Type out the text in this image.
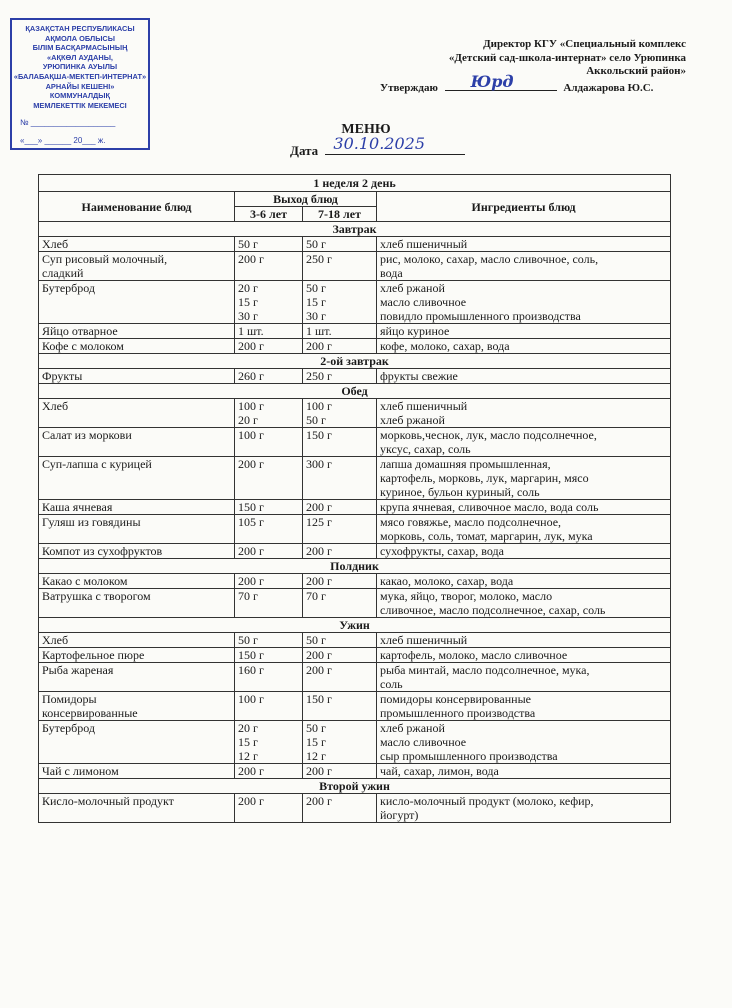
ҚАЗАҚСТАН РЕСПУБЛИКАСЫ
АҚМОЛА ОБЛЫСЫ
БІЛІМ БАСҚАРМАСЫНЫҢ
«АҚКӨЛ АУДАНЫ,
УРЮПИНКА АУЫЛЫ
«БАЛАБАҚША-МЕКТЕП-ИНТЕРНАТ»
АРНАЙЫ КЕШЕНІ»
КОММУНАЛДЫҚ
МЕМЛЕКЕТТІК МЕКЕМЕСІ
№ ___________________
«___» ______ 20___ ж.
Директор КГУ «Специальный комплекс
«Детский сад-школа-интернат» село Урюпинка
Аккольский район»
Утверждаю Юрд	Алдажарова Ю.С.
МЕНЮ
Дата 30.10.2025
1 неделя 2 день			
Наименование блюд	Выход блюд		Ингредиенты блюд
	3-6 лет	7-18 лет	
Завтрак			

Хлеб	50 г	50 г	хлеб пшеничный

Суп рисовый молочный,
сладкий	200 г	250 г	рис, молоко, сахар, масло сливочное, соль,
вода

Бутерброд	20 г
15 г
30 г	50 г
15 г
30 г	хлеб ржаной
масло сливочное
повидло промышленного производства

Яйцо отварное	1 шт.	1 шт.	яйцо куриное

Кофе с молоком	200 г	200 г	кофе, молоко, сахар, вода

2-ой завтрак			

Фрукты	260 г	250 г	фрукты свежие

Обед			

Хлеб	100 г
20 г	100 г
50 г	хлеб пшеничный
хлеб ржаной

Салат из моркови	100 г	150 г	морковь,чеснок, лук, масло подсолнечное,
уксус, сахар, соль

Суп-лапша с курицей	200 г	300 г	лапша домашняя промышленная,
картофель, морковь, лук, маргарин, мясо
куриное, бульон куриный, соль

Каша ячневая	150 г	200 г	крупа ячневая, сливочное масло, вода соль

Гуляш из говядины	105 г	125 г	мясо говяжье, масло подсолнечное,
морковь, соль, томат, маргарин, лук, мука

Компот из сухофруктов	200 г	200 г	сухофрукты, сахар, вода

Полдник			

Какао с молоком	200 г	200 г	какао, молоко, сахар, вода

Ватрушка с творогом	70 г	70 г	мука, яйцо, творог, молоко, масло
сливочное, масло подсолнечное, сахар, соль

Ужин			

Хлеб	50 г	50 г	хлеб пшеничный

Картофельное пюре	150 г	200 г	картофель, молоко, масло сливочное

Рыба жареная	160 г	200 г	рыба минтай, масло подсолнечное, мука,
соль

Помидоры
консервированные	100 г	150 г	помидоры консервированные
промышленного производства

Бутерброд	20 г
15 г
12 г	50 г
15 г
12 г	хлеб ржаной
масло сливочное
сыр промышленного производства

Чай с лимоном	200 г	200 г	чай, сахар, лимон, вода

Второй ужин			

Кисло-молочный продукт	200 г	200 г	кисло-молочный продукт (молоко, кефир,
йогурт)
